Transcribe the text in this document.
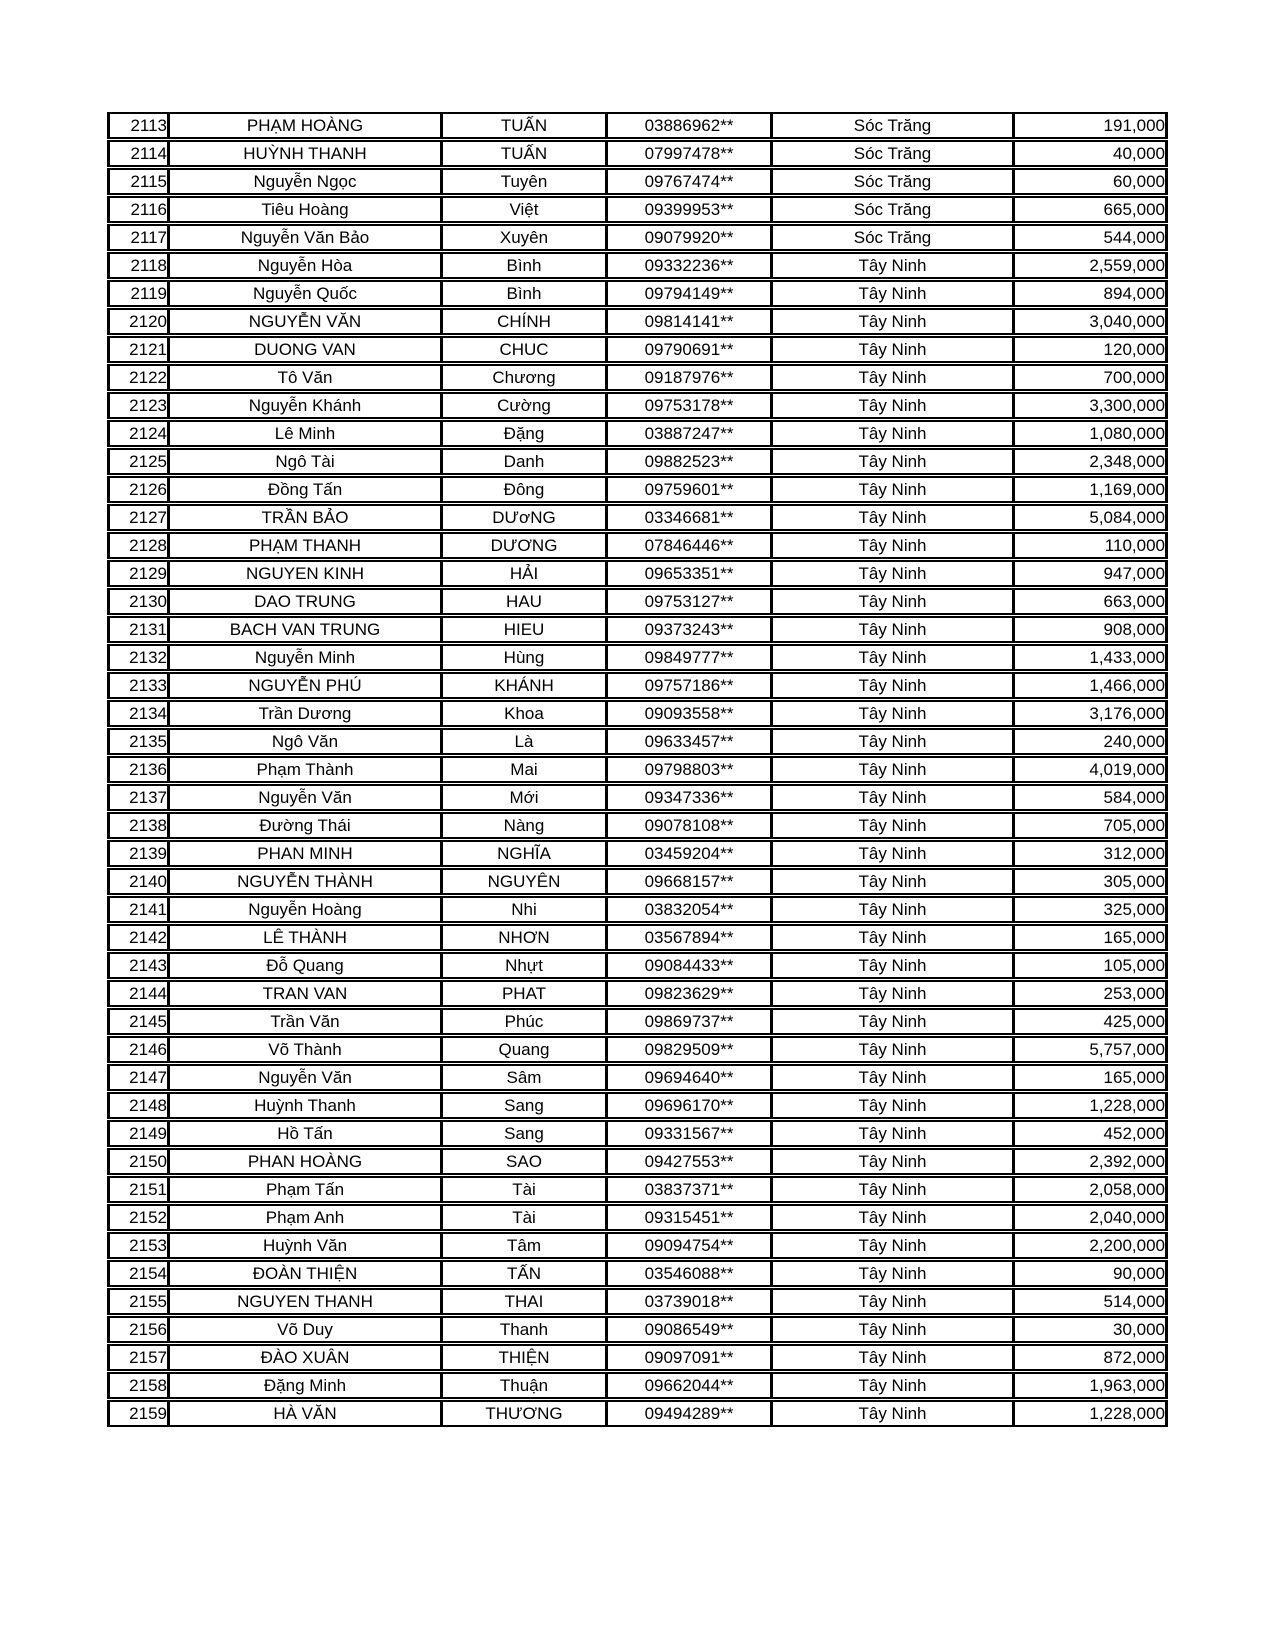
2113	PHẠM HOÀNG	TUẤN	03886962**	Sóc Trăng	191,000
2114	HUỲNH THANH	TUẤN	07997478**	Sóc Trăng	40,000
2115	Nguyễn Ngọc	Tuyên	09767474**	Sóc Trăng	60,000
2116	Tiêu Hoàng	Việt	09399953**	Sóc Trăng	665,000
2117	Nguyễn Văn Bảo	Xuyên	09079920**	Sóc Trăng	544,000
2118	Nguyễn Hòa	Bình	09332236**	Tây Ninh	2,559,000
2119	Nguyễn Quốc	Bình	09794149**	Tây Ninh	894,000
2120	NGUYỄN VĂN	CHÍNH	09814141**	Tây Ninh	3,040,000
2121	DUONG VAN	CHUC	09790691**	Tây Ninh	120,000
2122	Tô Văn	Chương	09187976**	Tây Ninh	700,000
2123	Nguyễn Khánh	Cường	09753178**	Tây Ninh	3,300,000
2124	Lê Minh	Đặng	03887247**	Tây Ninh	1,080,000
2125	Ngô Tài	Danh	09882523**	Tây Ninh	2,348,000
2126	Đồng Tấn	Đông	09759601**	Tây Ninh	1,169,000
2127	TRẦN BẢO	DƯơNG	03346681**	Tây Ninh	5,084,000
2128	PHẠM THANH	DƯƠNG	07846446**	Tây Ninh	110,000
2129	NGUYEN KINH	HẢI	09653351**	Tây Ninh	947,000
2130	DAO TRUNG	HAU	09753127**	Tây Ninh	663,000
2131	BACH VAN TRUNG	HIEU	09373243**	Tây Ninh	908,000
2132	Nguyễn Minh	Hùng	09849777**	Tây Ninh	1,433,000
2133	NGUYỄN PHÚ	KHÁNH	09757186**	Tây Ninh	1,466,000
2134	Trần Dương	Khoa	09093558**	Tây Ninh	3,176,000
2135	Ngô Văn	Là	09633457**	Tây Ninh	240,000
2136	Phạm Thành	Mai	09798803**	Tây Ninh	4,019,000
2137	Nguyễn Văn	Mới	09347336**	Tây Ninh	584,000
2138	Đường Thái	Nàng	09078108**	Tây Ninh	705,000
2139	PHAN MINH	NGHĨA	03459204**	Tây Ninh	312,000
2140	NGUYỄN THÀNH	NGUYÊN	09668157**	Tây Ninh	305,000
2141	Nguyễn Hoàng	Nhi	03832054**	Tây Ninh	325,000
2142	LÊ THÀNH	NHƠN	03567894**	Tây Ninh	165,000
2143	Đỗ Quang	Nhựt	09084433**	Tây Ninh	105,000
2144	TRAN VAN	PHAT	09823629**	Tây Ninh	253,000
2145	Trần Văn	Phúc	09869737**	Tây Ninh	425,000
2146	Võ Thành	Quang	09829509**	Tây Ninh	5,757,000
2147	Nguyễn Văn	Sâm	09694640**	Tây Ninh	165,000
2148	Huỳnh Thanh	Sang	09696170**	Tây Ninh	1,228,000
2149	Hồ Tấn	Sang	09331567**	Tây Ninh	452,000
2150	PHAN HOÀNG	SAO	09427553**	Tây Ninh	2,392,000
2151	Phạm Tấn	Tài	03837371**	Tây Ninh	2,058,000
2152	Phạm Anh	Tài	09315451**	Tây Ninh	2,040,000
2153	Huỳnh Văn	Tâm	09094754**	Tây Ninh	2,200,000
2154	ĐOÀN THIỆN	TẤN	03546088**	Tây Ninh	90,000
2155	NGUYEN THANH	THAI	03739018**	Tây Ninh	514,000
2156	Võ Duy	Thanh	09086549**	Tây Ninh	30,000
2157	ĐÀO XUÂN	THIỆN	09097091**	Tây Ninh	872,000
2158	Đặng Minh	Thuận	09662044**	Tây Ninh	1,963,000
2159	HÀ VĂN	THƯƠNG	09494289**	Tây Ninh	1,228,000
